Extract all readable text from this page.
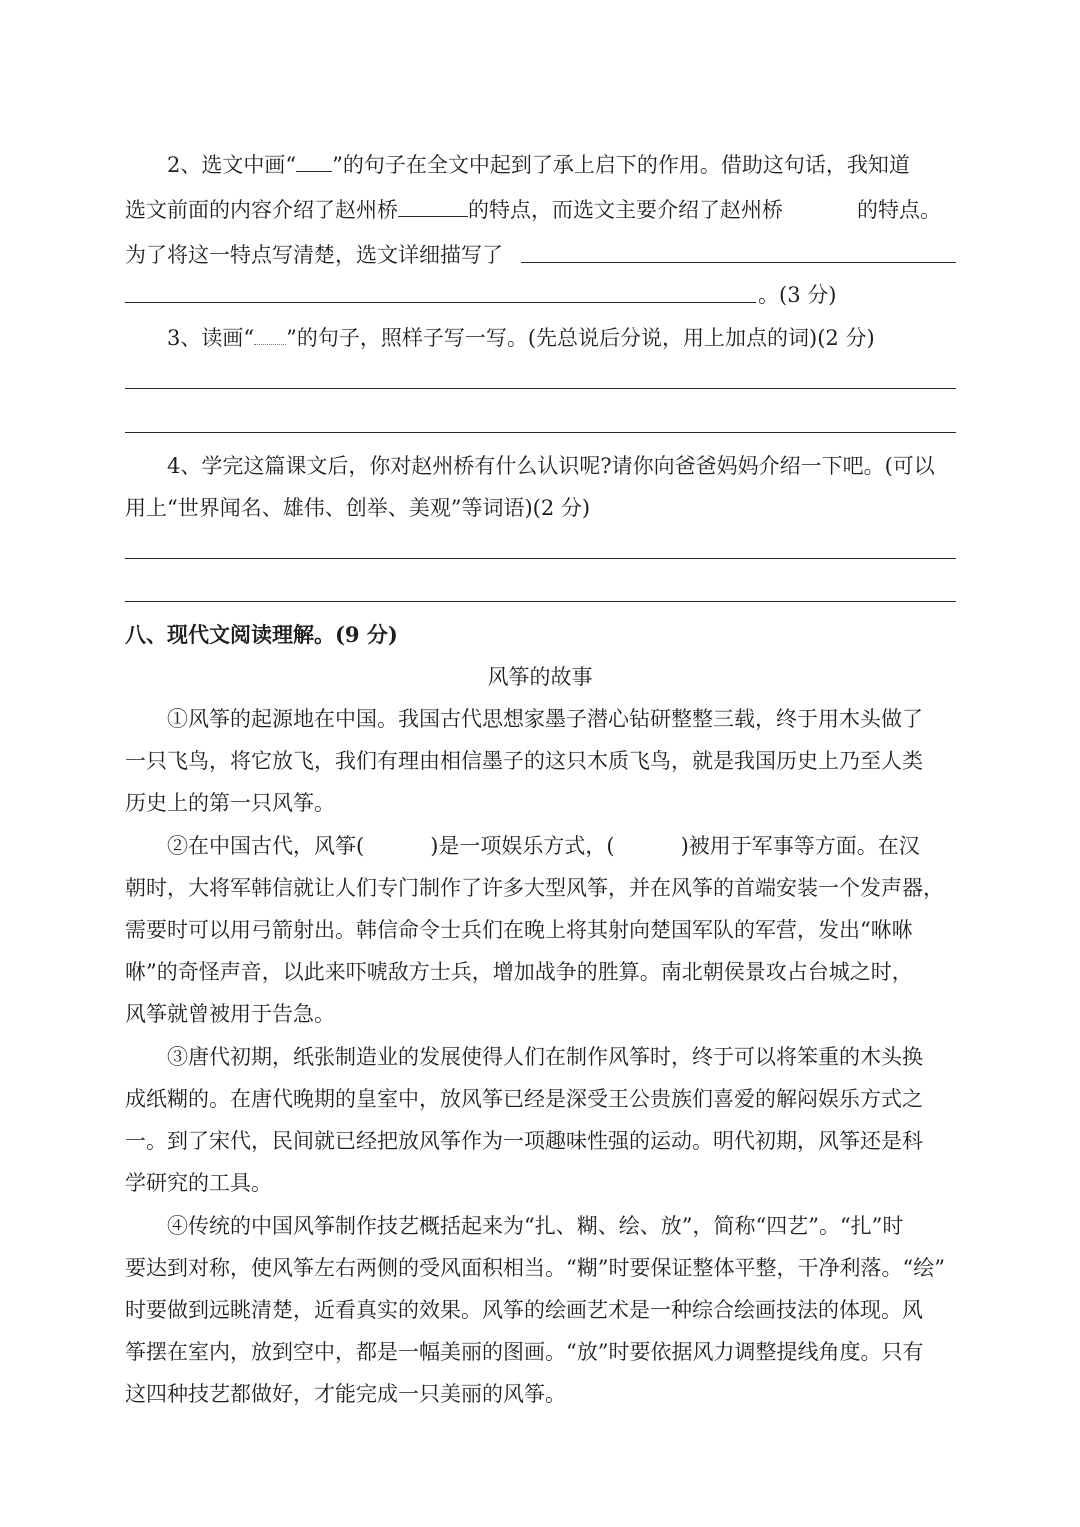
2、选文中画“ ”的句子在全文中起到了承上启下的作用。借助这句话，我知道
选文前面的内容介绍了赵州桥	的特点，而选文主要介绍了赵州桥	的特点。
为了将这一特点写清楚，选文详细描写了
。(3 分)
3、读画“ ”的句子，照样子写一写。(先总说后分说，用上加点的词)(2 分)
4、学完这篇课文后，你对赵州桥有什么认识呢?请你向爸爸妈妈介绍一下吧。(可以
用上“世界闻名、雄伟、创举、美观”等词语)(2 分)
八、现代文阅读理解。(9 分)
风筝的故事
①风筝的起源地在中国。我国古代思想家墨子潜心钻研整整三载，终于用木头做了
一只飞鸟，将它放飞，我们有理由相信墨子的这只木质飞鸟，就是我国历史上乃至人类
历史上的第一只风筝。
②在中国古代，风筝(	)是一项娱乐方式，(	)被用于军事等方面。在汉
朝时，大将军韩信就让人们专门制作了许多大型风筝，并在风筝的首端安装一个发声器，
需要时可以用弓箭射出。韩信命令士兵们在晚上将其射向楚国军队的军营，发出“咻咻
咻”的奇怪声音，以此来吓唬敌方士兵，增加战争的胜算。南北朝侯景攻占台城之时，
风筝就曾被用于告急。
③唐代初期，纸张制造业的发展使得人们在制作风筝时，终于可以将笨重的木头换
成纸糊的。在唐代晚期的皇室中，放风筝已经是深受王公贵族们喜爱的解闷娱乐方式之
一。到了宋代，民间就已经把放风筝作为一项趣味性强的运动。明代初期，风筝还是科
学研究的工具。
④传统的中国风筝制作技艺概括起来为“扎、糊、绘、放”，简称“四艺”。“扎”时
要达到对称，使风筝左右两侧的受风面积相当。“糊”时要保证整体平整，干净利落。“绘”
时要做到远眺清楚，近看真实的效果。风筝的绘画艺术是一种综合绘画技法的体现。风
筝摆在室内，放到空中，都是一幅美丽的图画。“放”时要依据风力调整提线角度。只有
这四种技艺都做好，才能完成一只美丽的风筝。
